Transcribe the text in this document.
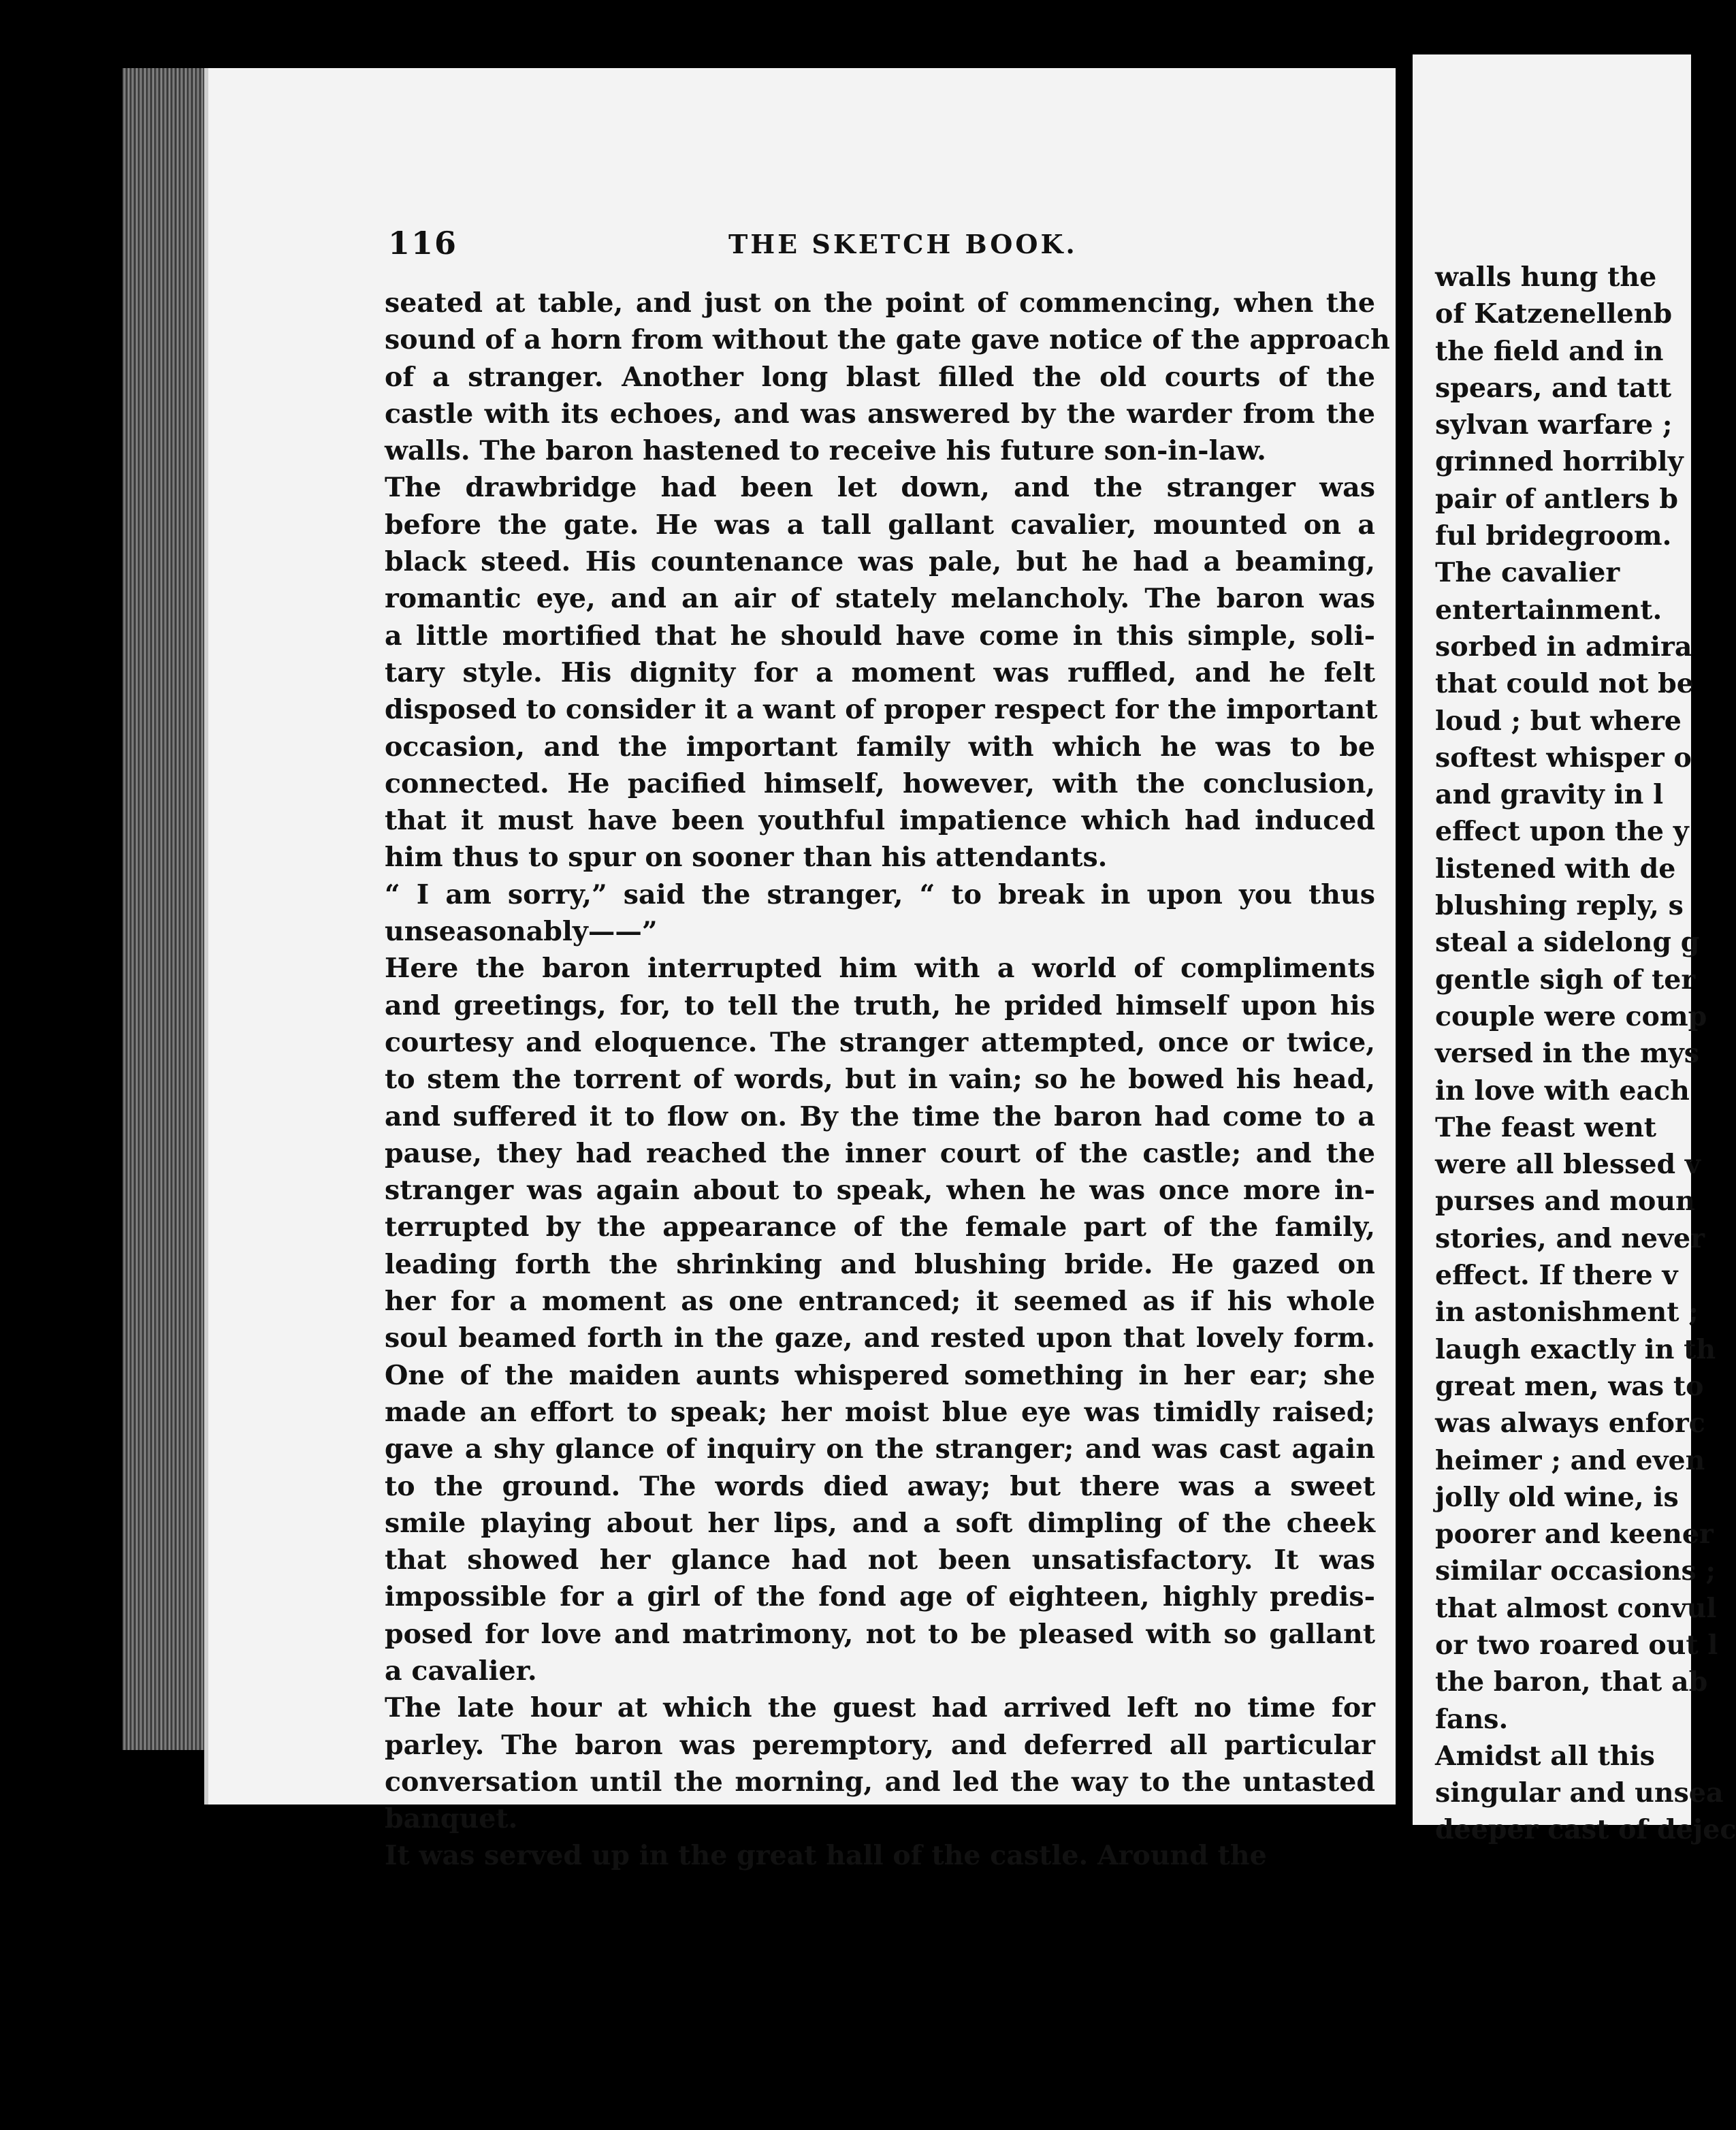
116	THE SKETCH BOOK.
seated at table, and just on the point of commencing, when the
sound of a horn from without the gate gave notice of the approach
of a stranger. Another long blast filled the old courts of the
castle with its echoes, and was answered by the warder from the
walls. The baron hastened to receive his future son-in-law.
The drawbridge had been let down, and the stranger was
before the gate. He was a tall gallant cavalier, mounted on a
black steed. His countenance was pale, but he had a beaming,
romantic eye, and an air of stately melancholy. The baron was
a little mortified that he should have come in this simple, soli-
tary style. His dignity for a moment was ruffled, and he felt
disposed to consider it a want of proper respect for the important
occasion, and the important family with which he was to be
connected. He pacified himself, however, with the conclusion,
that it must have been youthful impatience which had induced
him thus to spur on sooner than his attendants.
“ I am sorry,” said the stranger, “ to break in upon you thus
unseasonably——”
Here the baron interrupted him with a world of compliments
and greetings, for, to tell the truth, he prided himself upon his
courtesy and eloquence. The stranger attempted, once or twice,
to stem the torrent of words, but in vain; so he bowed his head,
and suffered it to flow on. By the time the baron had come to a
pause, they had reached the inner court of the castle; and the
stranger was again about to speak, when he was once more in-
terrupted by the appearance of the female part of the family,
leading forth the shrinking and blushing bride. He gazed on
her for a moment as one entranced; it seemed as if his whole
soul beamed forth in the gaze, and rested upon that lovely form.
One of the maiden aunts whispered something in her ear; she
made an effort to speak; her moist blue eye was timidly raised;
gave a shy glance of inquiry on the stranger; and was cast again
to the ground. The words died away; but there was a sweet
smile playing about her lips, and a soft dimpling of the cheek
that showed her glance had not been unsatisfactory. It was
impossible for a girl of the fond age of eighteen, highly predis-
posed for love and matrimony, not to be pleased with so gallant
a cavalier.
The late hour at which the guest had arrived left no time for
parley. The baron was peremptory, and deferred all particular
conversation until the morning, and led the way to the untasted
banquet.
It was served up in the great hall of the castle. Around the
walls hung the
of Katzenellenb
the field and in
spears, and tatt
sylvan warfare ;
grinned horribly
pair of antlers b
ful bridegroom.
The cavalier
entertainment.
sorbed in admira
that could not be
loud ; but where
softest whisper o
and gravity in l
effect upon the y
listened with de
blushing reply, s
steal a sidelong g
gentle sigh of ter
couple were comp
versed in the mys
in love with each
The feast went
were all blessed v
purses and moun
stories, and never
effect. If there v
in astonishment ;
laugh exactly in th
great men, was to
was always enforc
heimer ; and even
jolly old wine, is
poorer and keener
similar occasions ;
that almost convul
or two roared out l
the baron, that ab
fans.
Amidst all this
singular and unsea
deeper cast of dejec
